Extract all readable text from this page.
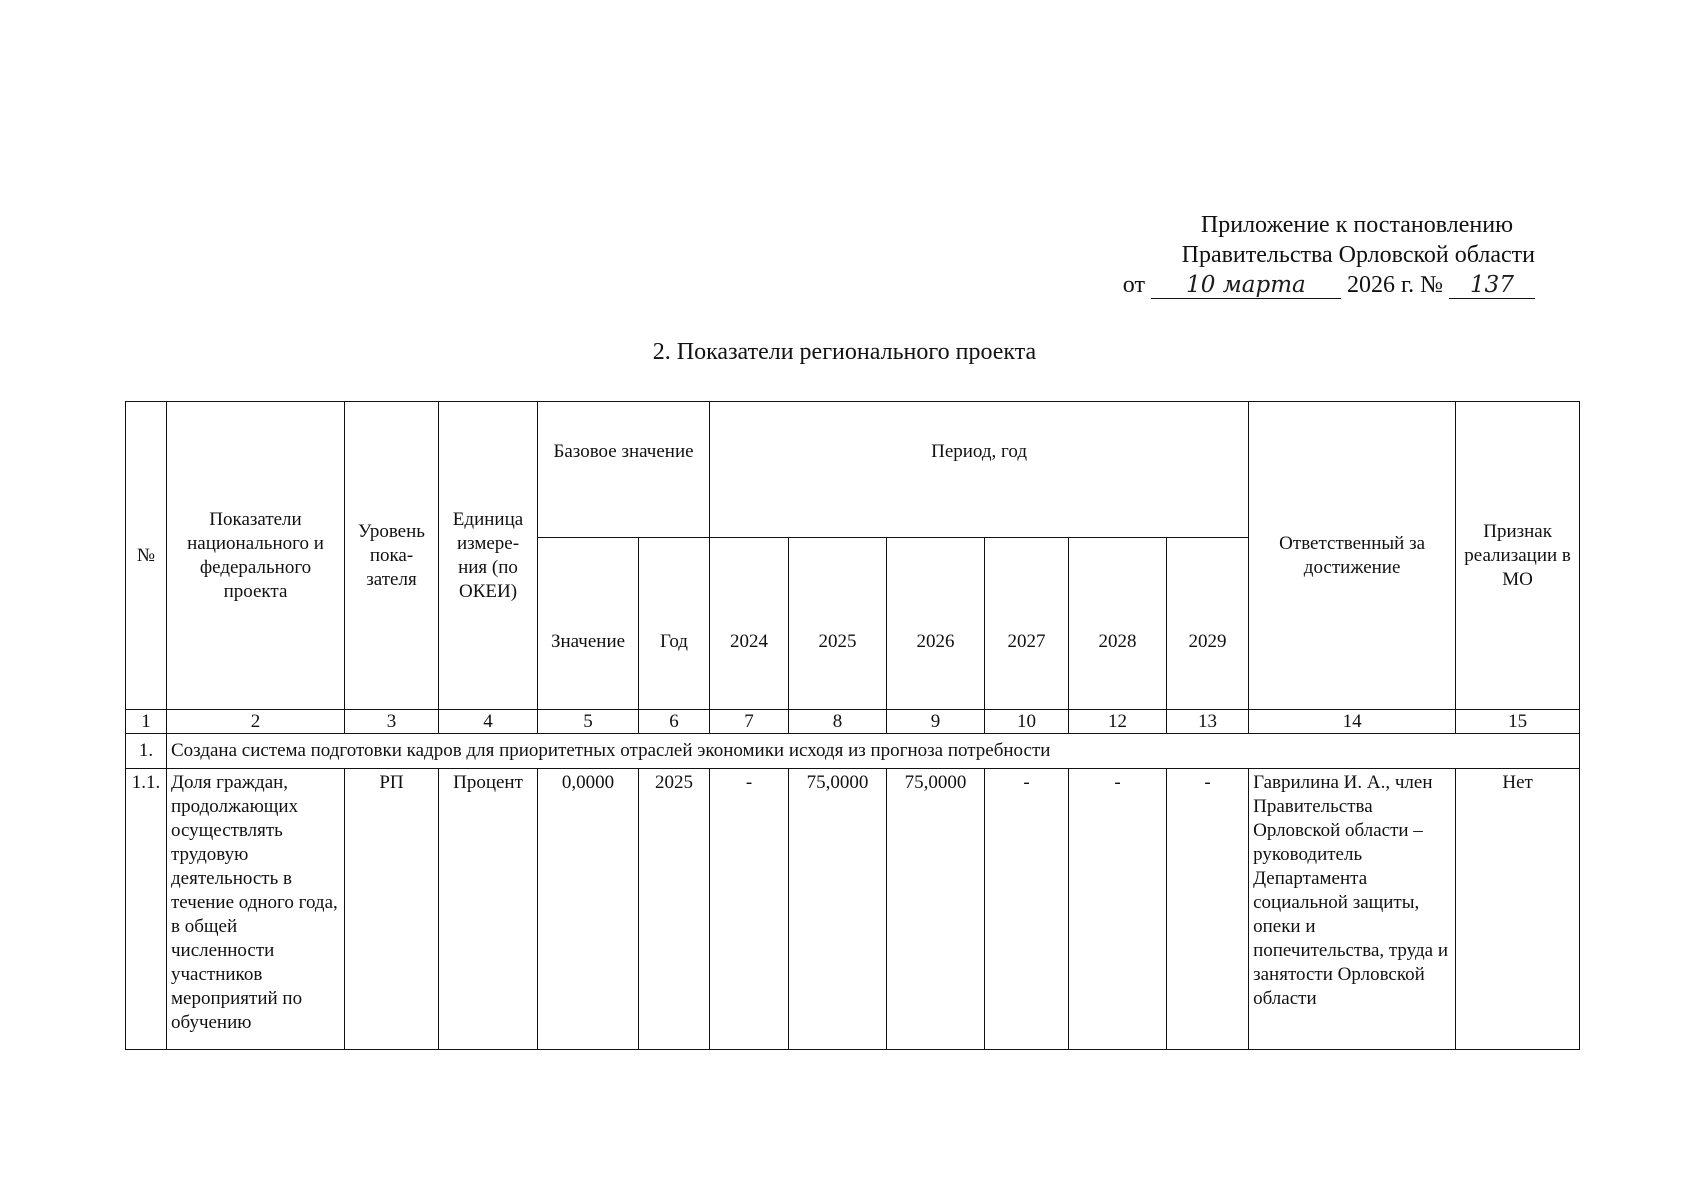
Приложение к постановлению
Правительства Орловской области
от 10 марта 2026 г. № 137
2. Показатели регионального проекта
№	Показатели национального и федерального проекта	Уровень пока-зателя	Единица измере-ния (по ОКЕИ)	Базовое значение		Период, год						Ответственный за достижение	Признак реализации в МО
				Значение	Год	2024	2025	2026	2027	2028	2029		
1	2	3	4	5	6	7	8	9	10	12	13	14	15
1.	Создана система подготовки кадров для приоритетных отраслей экономики исходя из прогноза потребности												
1.1.	Доля граждан, продолжающих осуществлять трудовую деятельность в течение одного года, в общей численности участников мероприятий по обучению	РП	Процент	0,0000	2025	-	75,0000	75,0000	-	-	-	Гаврилина И. А., член Правительства Орловской области – руководитель Департамента социальной защиты, опеки и попечительства, труда и занятости Орловской области	Нет
